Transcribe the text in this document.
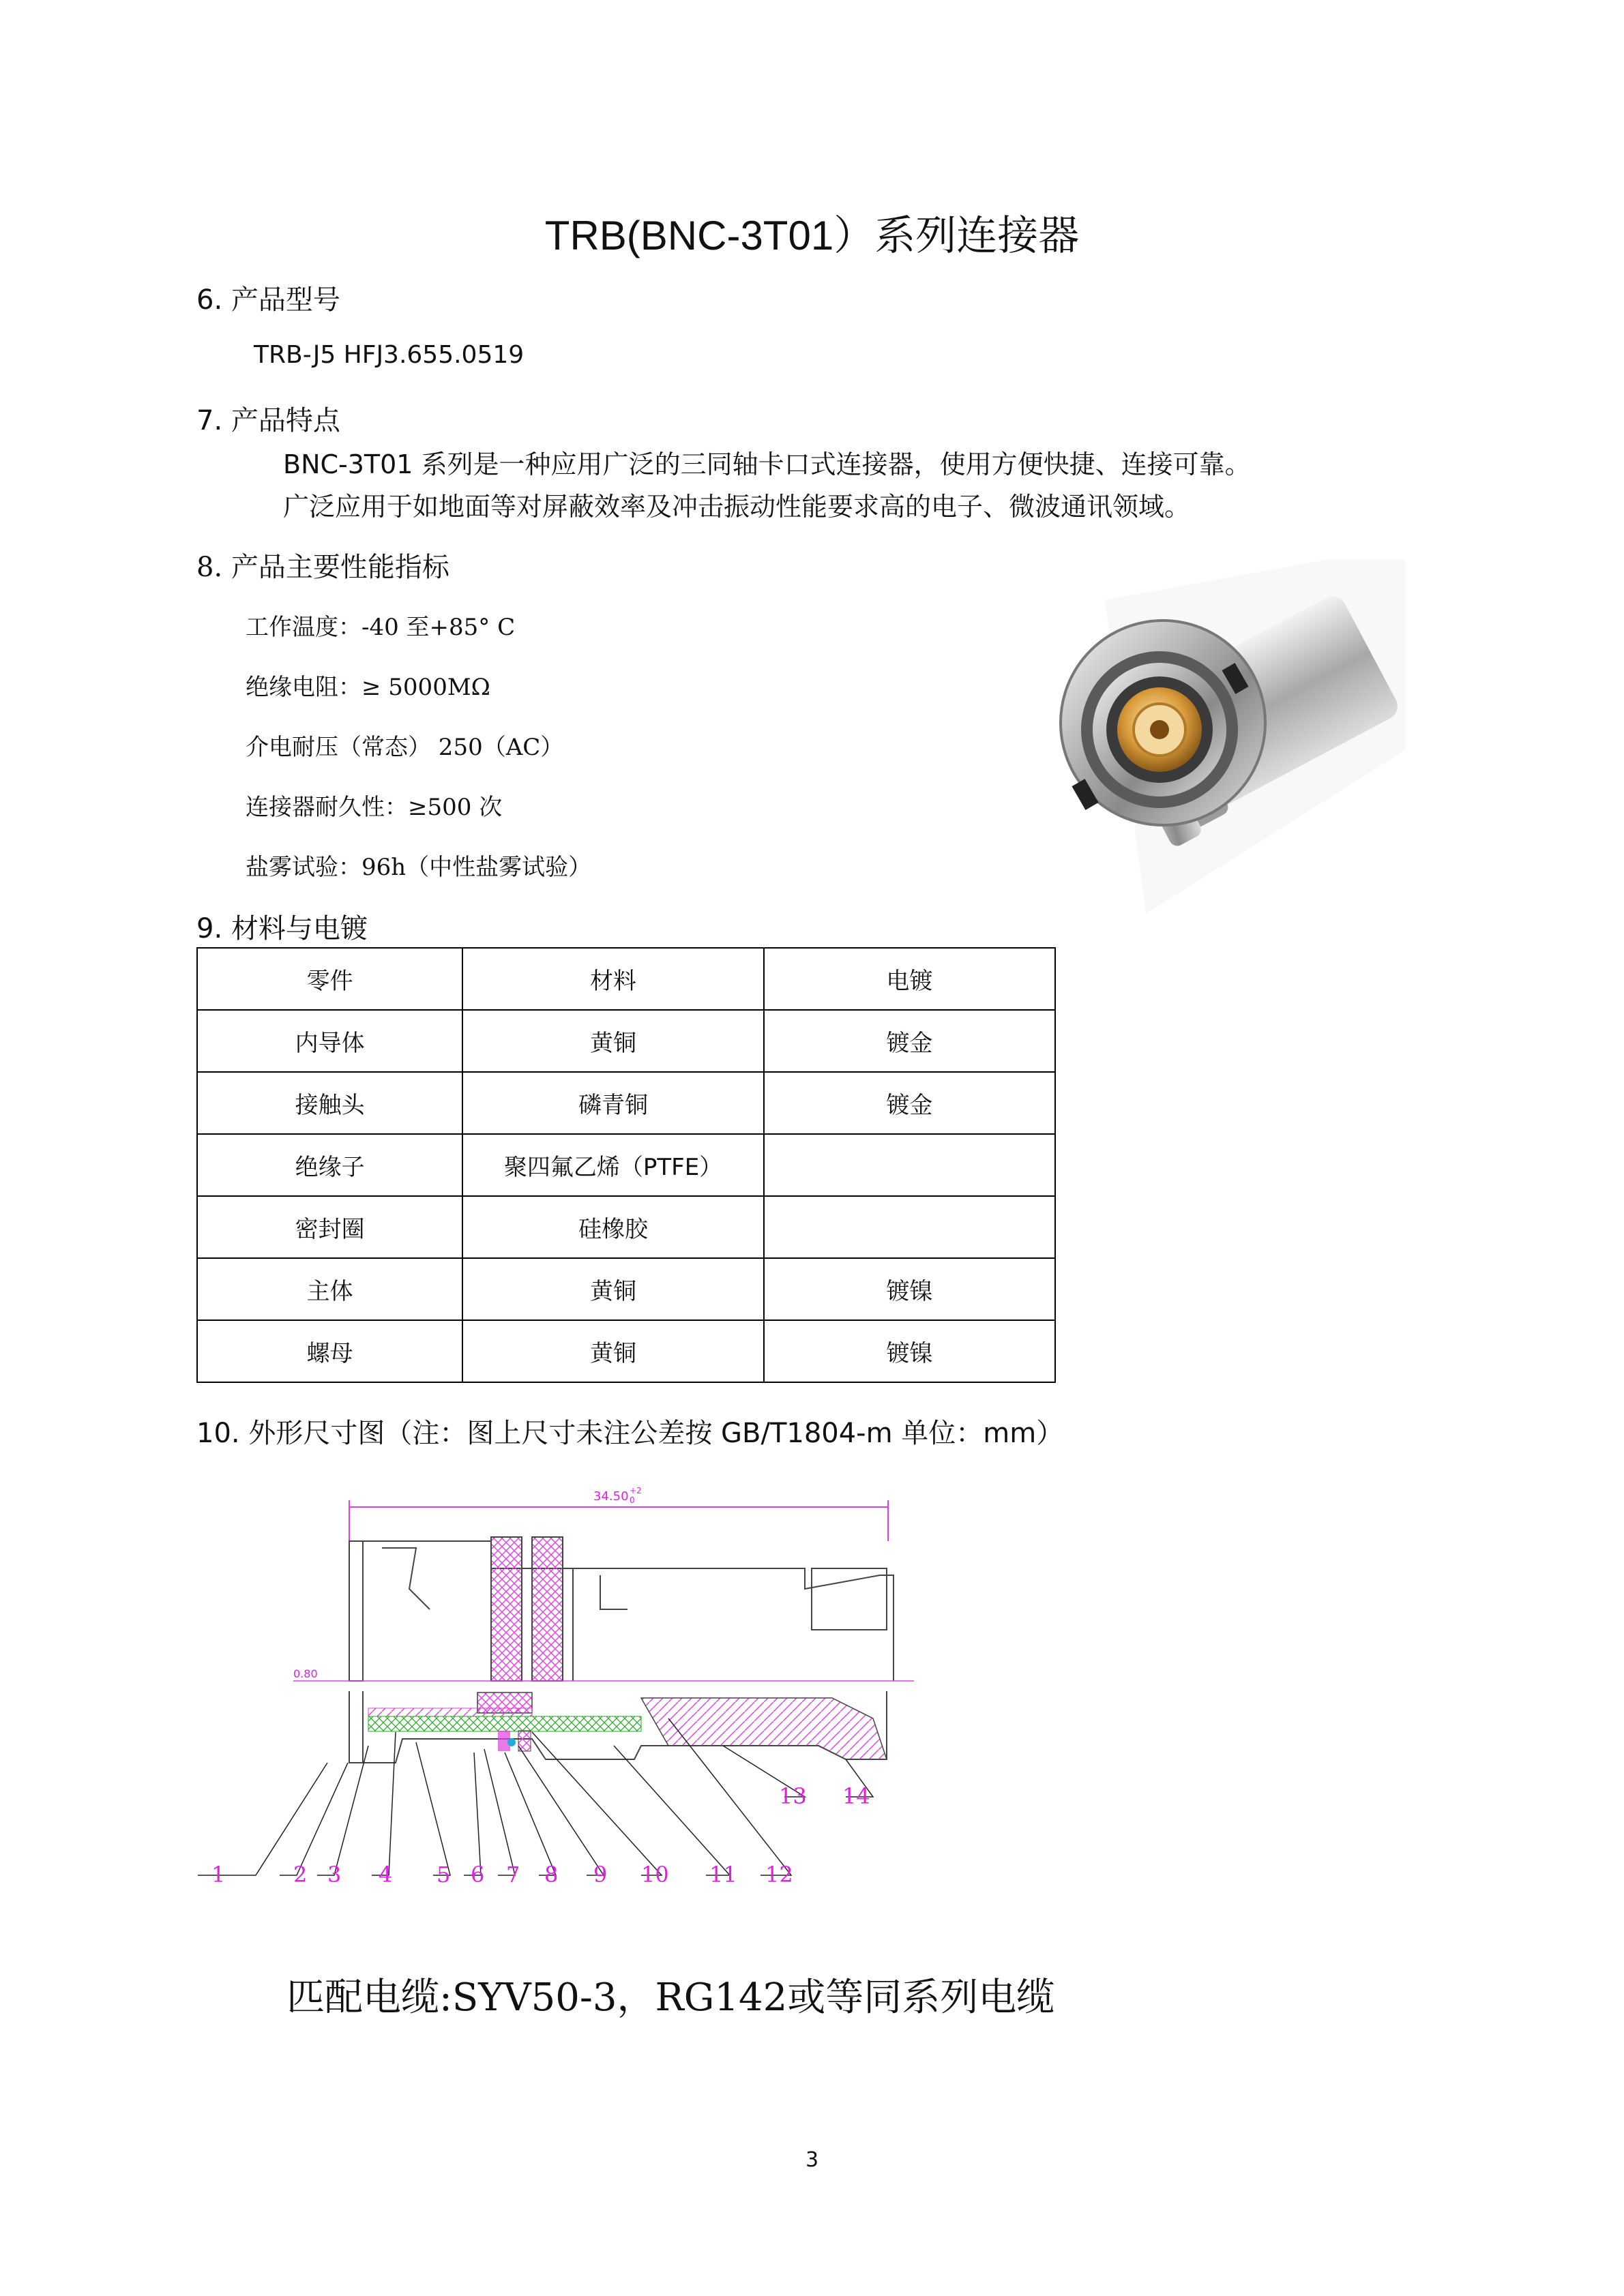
TRB(BNC-3T01）系列连接器
6. 产品型号
TRB-J5 HFJ3.655.0519
7. 产品特点
BNC-3T01 系列是一种应用广泛的三同轴卡口式连接器，使用方便快捷、连接可靠。
广泛应用于如地面等对屏蔽效率及冲击振动性能要求高的电子、微波通讯领域。
8. 产品主要性能指标
工作温度：-40 至+85° C
绝缘电阻：≥ 5000MΩ
介电耐压（常态） 250（AC）
连接器耐久性：≥500 次
盐雾试验：96h（中性盐雾试验）
9. 材料与电镀
零件	材料	电镀
内导体	黄铜	镀金
接触头	磷青铜	镀金
绝缘子	聚四氟乙烯（PTFE）	
密封圈	硅橡胶	
主体	黄铜	镀镍
螺母	黄铜	镀镍
10. 外形尺寸图（注：图上尺寸未注公差按 GB/T1804-m 单位：mm）
34.50 +2
0
0.80
1	2 3 4 5 6 7 8 9 10 11 12
13 14
匹配电缆:SYV50-3，RG142或等同系列电缆
3
